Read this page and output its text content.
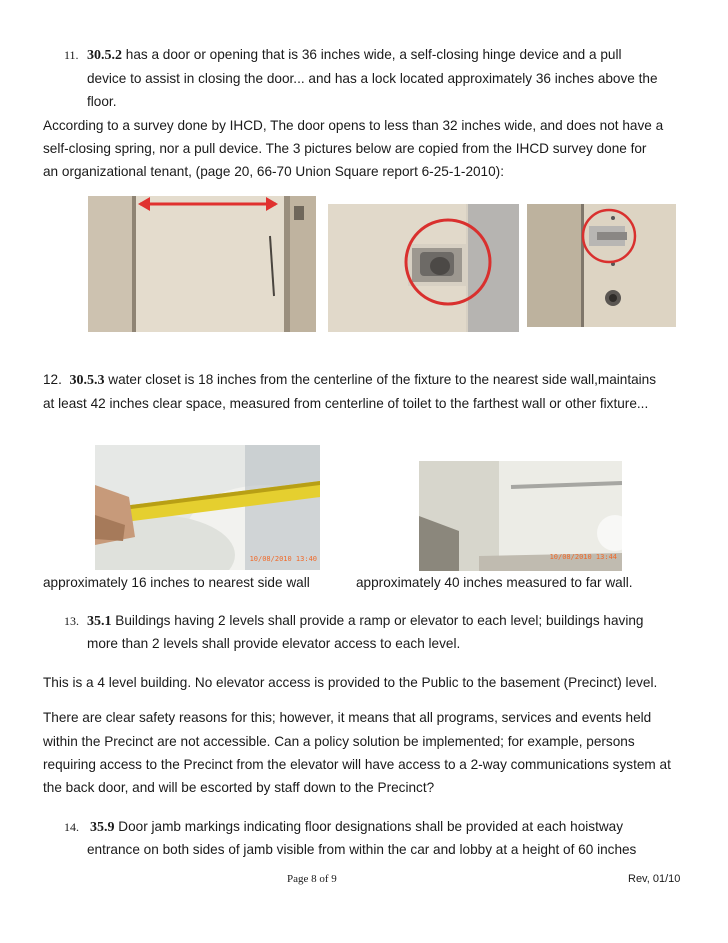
11. 30.5.2 has a door or opening that is 36 inches wide, a self-closing hinge device and a pull
device to assist in closing the door... and has a lock located approximately 36 inches above the
floor.
According to a survey done by IHCD, The door opens to less than 32 inches wide, and does not have a
self-closing spring, nor a pull device. The 3 pictures below are copied from the IHCD survey done for
an organizational tenant, (page 20, 66-70 Union Square report 6-25-1-2010):
12. 30.5.3 water closet is 18 inches from the centerline of the fixture to the nearest side wall,maintains
at least 42 inches clear space, measured from centerline of toilet to the farthest wall or other fixture...
10/08/2010 13:40	10/08/2010 13:44
approximately 16 inches to nearest side wall	approximately 40 inches measured to far wall.
13. 35.1 Buildings having 2 levels shall provide a ramp or elevator to each level; buildings having
more than 2 levels shall provide elevator access to each level.
This is a 4 level building. No elevator access is provided to the Public to the basement (Precinct) level.
There are clear safety reasons for this; however, it means that all programs, services and events held
within the Precinct are not accessible. Can a policy solution be implemented; for example, persons
requiring access to the Precinct from the elevator will have access to a 2-way communications system at
the back door, and will be escorted by staff down to the Precinct?
14. 35.9 Door jamb markings indicating floor designations shall be provided at each hoistway
entrance on both sides of jamb visible from within the car and lobby at a height of 60 inches
Page 8 of 9	Rev, 01/10
